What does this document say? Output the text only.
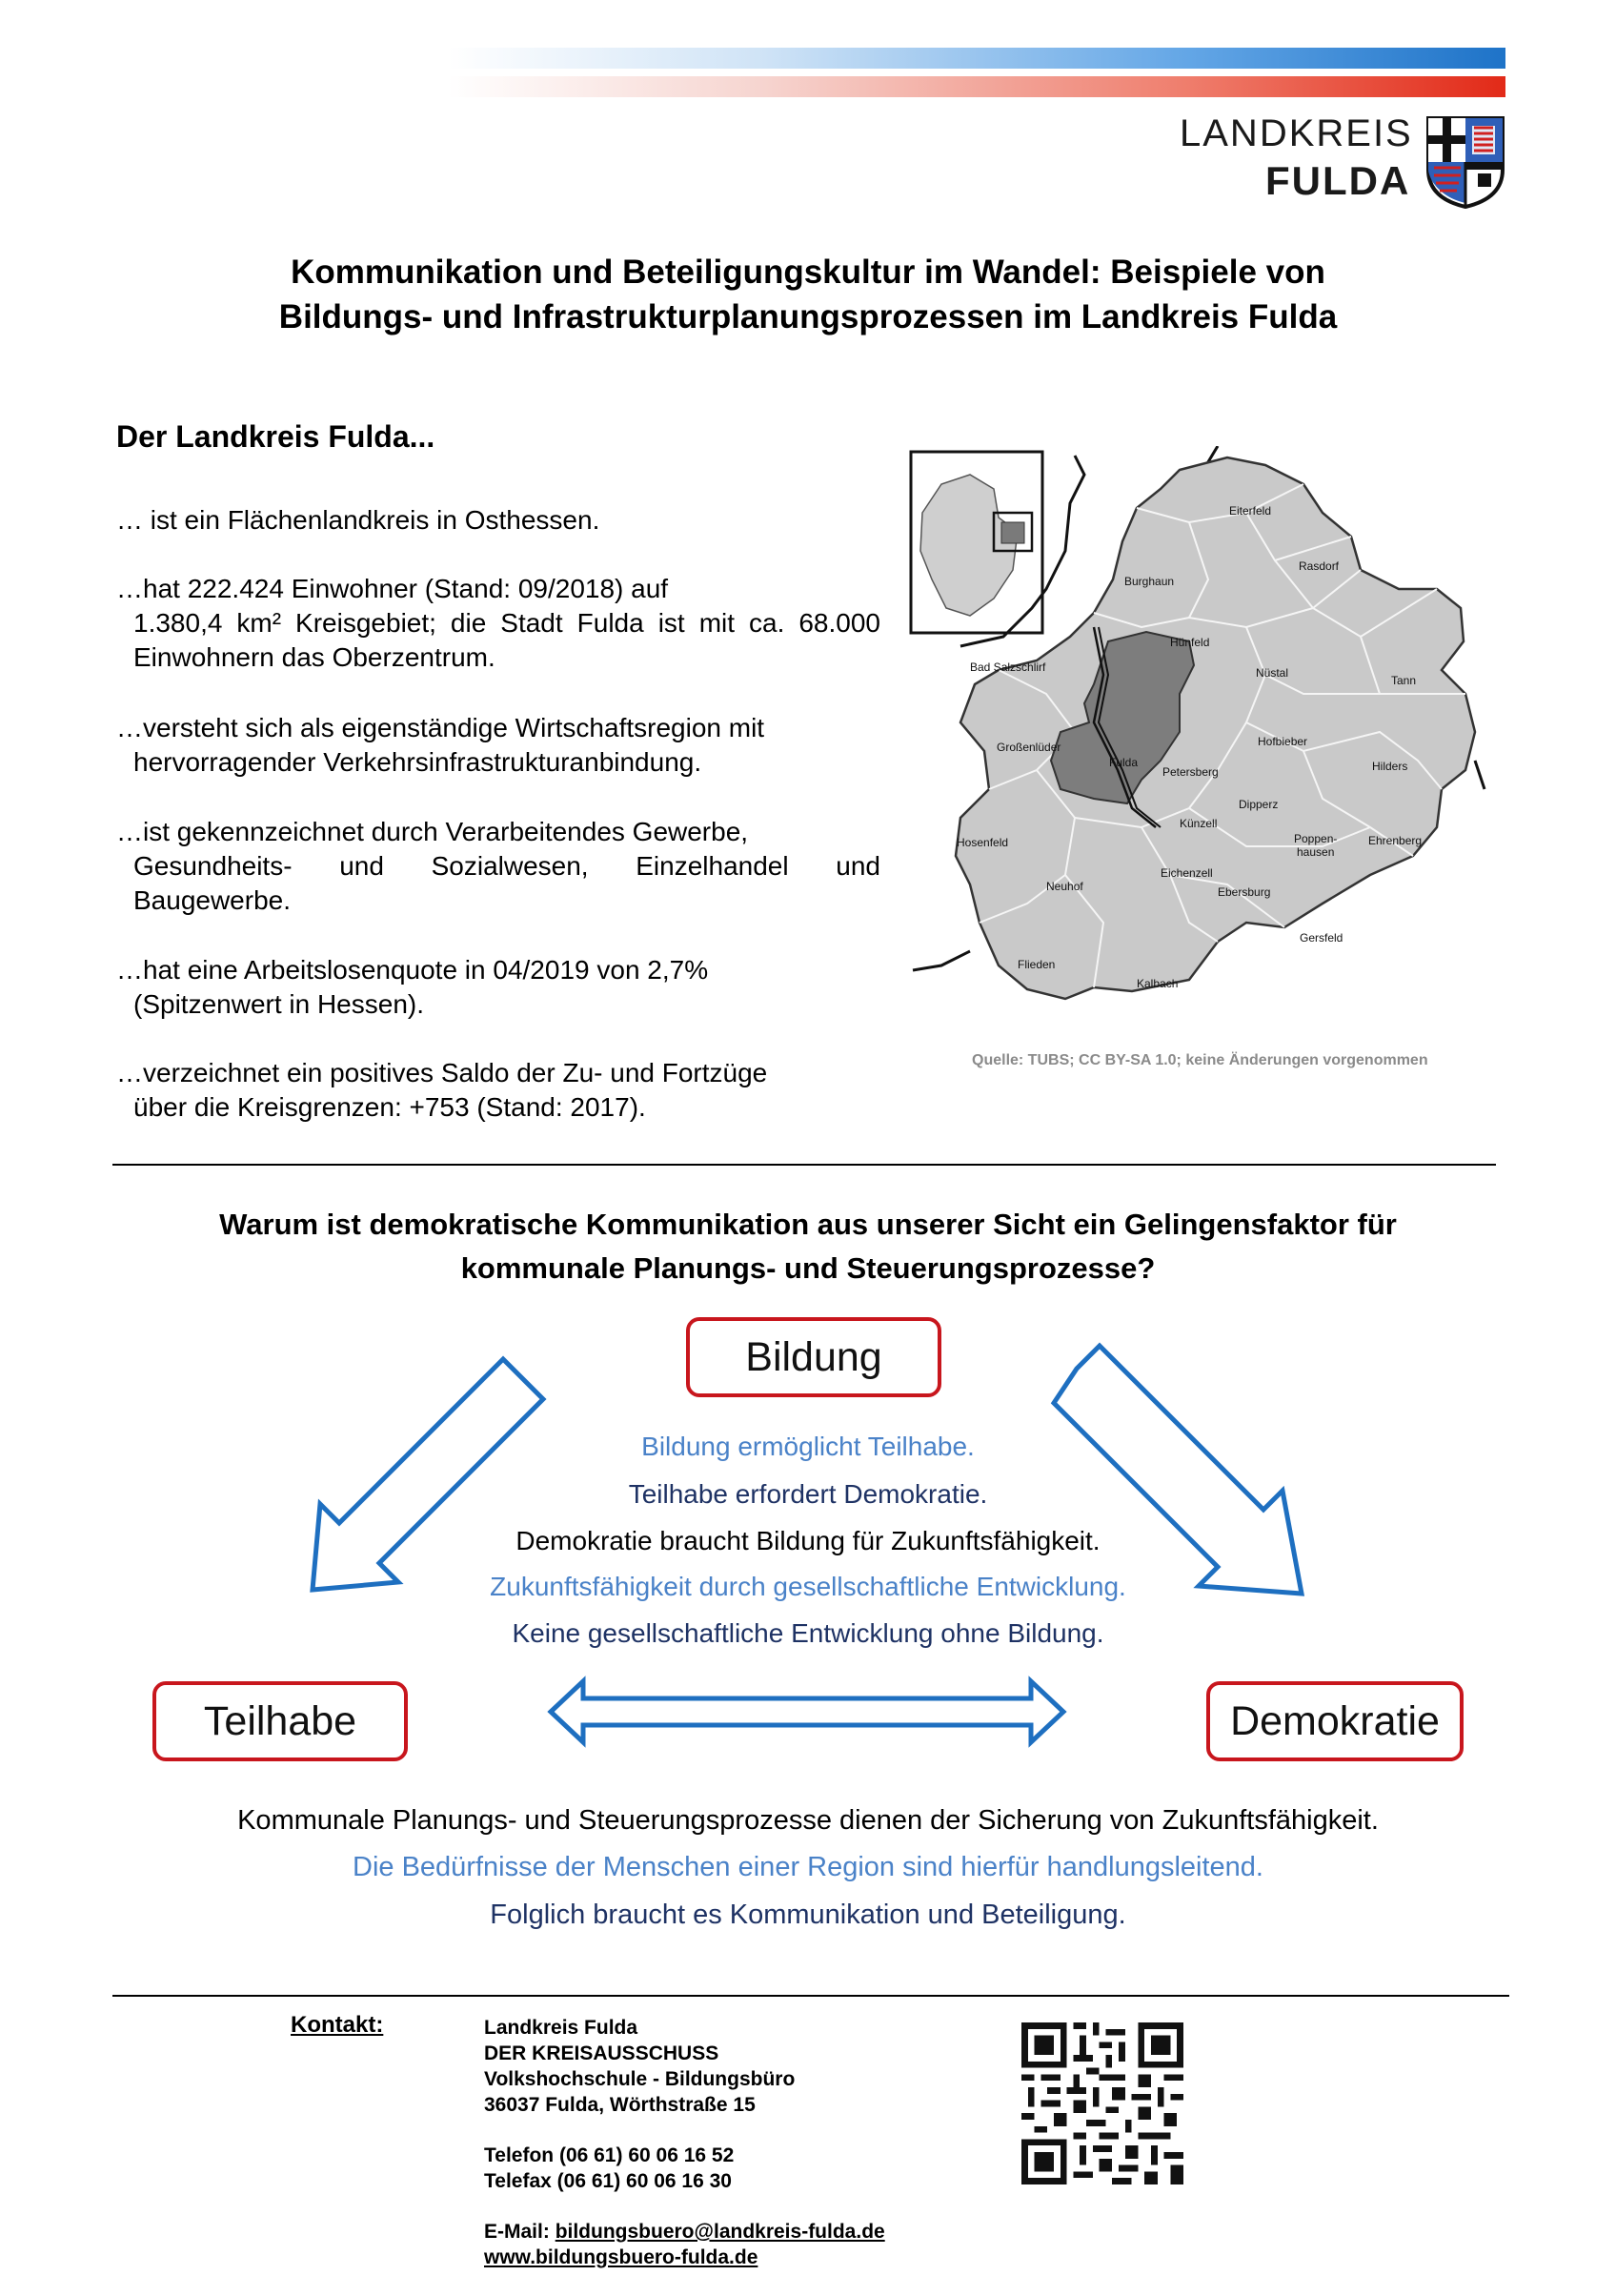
LANDKREIS
FULDA
Kommunikation und Beteiligungskultur im Wandel: Beispiele von
Bildungs- und Infrastrukturplanungsprozessen im Landkreis Fulda
Der Landkreis Fulda...
… ist ein Flächenlandkreis in Osthessen.
…hat 222.424 Einwohner (Stand: 09/2018) auf
1.380,4 km² Kreisgebiet; die Stadt Fulda ist mit ca. 68.000 Einwohnern das Oberzentrum.
…versteht sich als eigenständige Wirtschaftsregion mit
hervorragender Verkehrsinfrastrukturanbindung.
…ist gekennzeichnet durch Verarbeitendes Gewerbe,
Gesundheits- und Sozialwesen, Einzelhandel und Baugewerbe.
…hat eine Arbeitslosenquote in 04/2019 von 2,7%
(Spitzenwert in Hessen).
…verzeichnet ein positives Saldo der Zu- und Fortzüge
über die Kreisgrenzen: +753 (Stand: 2017).
Eiterfeld
Burghaun
Rasdorf
Hünfeld
Nüstal
Tann
Bad Salzschlirf
Großenlüder
Fulda
Petersberg
Hofbieber
Hilders
Hosenfeld
Künzell
Dipperz
Poppen-
hausen
Ehrenberg
Eichenzell
Ebersburg
Neuhof
Gersfeld
Flieden
Kalbach
Quelle: TUBS; CC BY-SA 1.0; keine Änderungen vorgenommen
Warum ist demokratische Kommunikation aus unserer Sicht ein Gelingensfaktor für
kommunale Planungs- und Steuerungsprozesse?
Bildung
Teilhabe	Demokratie
Bildung ermöglicht Teilhabe.
Teilhabe erfordert Demokratie.
Demokratie braucht Bildung für Zukunftsfähigkeit.
Zukunftsfähigkeit durch gesellschaftliche Entwicklung.
Keine gesellschaftliche Entwicklung ohne Bildung.
Kommunale Planungs- und Steuerungsprozesse dienen der Sicherung von Zukunftsfähigkeit.
Die Bedürfnisse der Menschen einer Region sind hierfür handlungsleitend.
Folglich braucht es Kommunikation und Beteiligung.
Kontakt:	Landkreis Fulda
DER KREISAUSSCHUSS
Volkshochschule - Bildungsbüro
36037 Fulda, Wörthstraße 15
Telefon (06 61) 60 06 16 52
Telefax (06 61) 60 06 16 30
E-Mail: bildungsbuero@landkreis-fulda.de
www.bildungsbuero-fulda.de
